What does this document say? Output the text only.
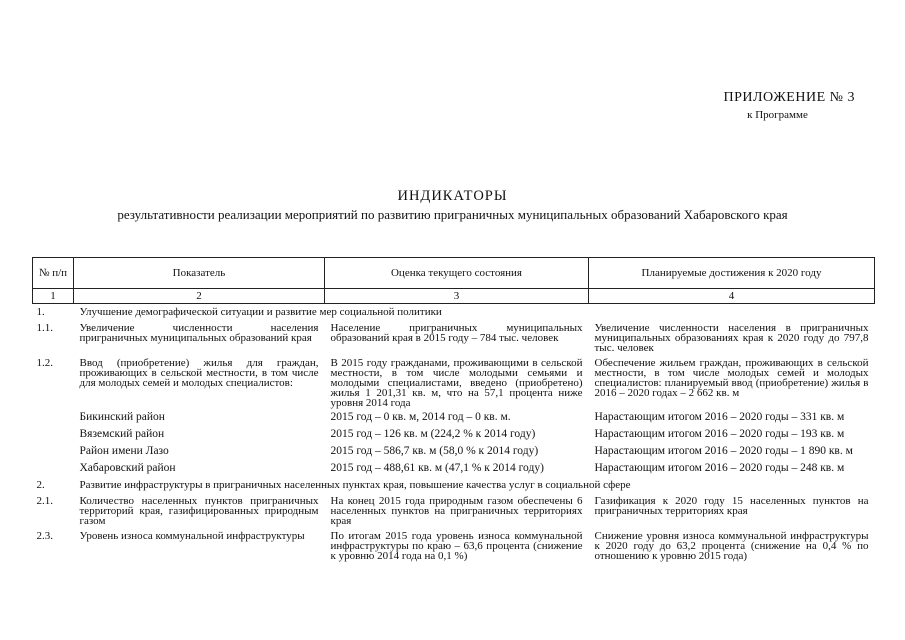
ПРИЛОЖЕНИЕ № 3
к Программе
ИНДИКАТОРЫ
результативности реализации мероприятий по развитию приграничных муниципальных образований Хабаровского края
№ п/п	Показатель	Оценка текущего состояния	Планируемые достижения к 2020 году
1	2	3	4
1.	Улучшение демографической ситуации и развитие мер социальной политики		
1.1.	Увеличение численности населения приграничных муниципальных образований края	Население приграничных муниципальных образований края в 2015 году – 784 тыс. человек	Увеличение численности населения в приграничных муниципальных образованиях края к 2020 году до 797,8 тыс. человек
1.2.	Ввод (приобретение) жилья для граждан, проживающих в сельской местности, в том числе для молодых семей и молодых специалистов:	В 2015 году гражданами, проживающими в сельской местности, в том числе молодыми семьями и молодыми специалистами, введено (приобретено) жилья 1 201,31 кв. м, что на 57,1 процента ниже уровня 2014 года	Обеспечение жильем граждан, проживающих в сельской местности, в том числе молодых семей и молодых специалистов: планируемый ввод (приобретение) жилья в 2016 – 2020 годах – 2 662 кв. м
	Бикинский район	2015 год – 0 кв. м, 2014 год – 0 кв. м.	Нарастающим итогом 2016 – 2020 годы – 331 кв. м
	Вяземский район	2015 год – 126 кв. м (224,2 % к 2014 году)	Нарастающим итогом 2016 – 2020 годы – 193 кв. м
	Район имени Лазо	2015 год – 586,7 кв. м (58,0 % к 2014 году)	Нарастающим итогом 2016 – 2020 годы – 1 890 кв. м
	Хабаровский район	2015 год – 488,61 кв. м (47,1 % к 2014 году)	Нарастающим итогом 2016 – 2020 годы – 248 кв. м
2.	Развитие инфраструктуры в приграничных населенных пунктах края, повышение качества услуг в социальной сфере		
2.1.	Количество населенных пунктов приграничных территорий края, газифицированных природным газом	На конец 2015 года природным газом обеспечены 6 населенных пунктов на приграничных территориях края	Газификация к 2020 году 15 населенных пунктов на приграничных территориях края
2.3.	Уровень износа коммунальной инфраструктуры	По итогам 2015 года уровень износа коммунальной инфраструктуры по краю – 63,6 процента (снижение к уровню 2014 года на 0,1 %)	Снижение уровня износа коммунальной инфраструктуры к 2020 году до 63,2 процента (снижение на 0,4 % по отношению к уровню 2015 года)
